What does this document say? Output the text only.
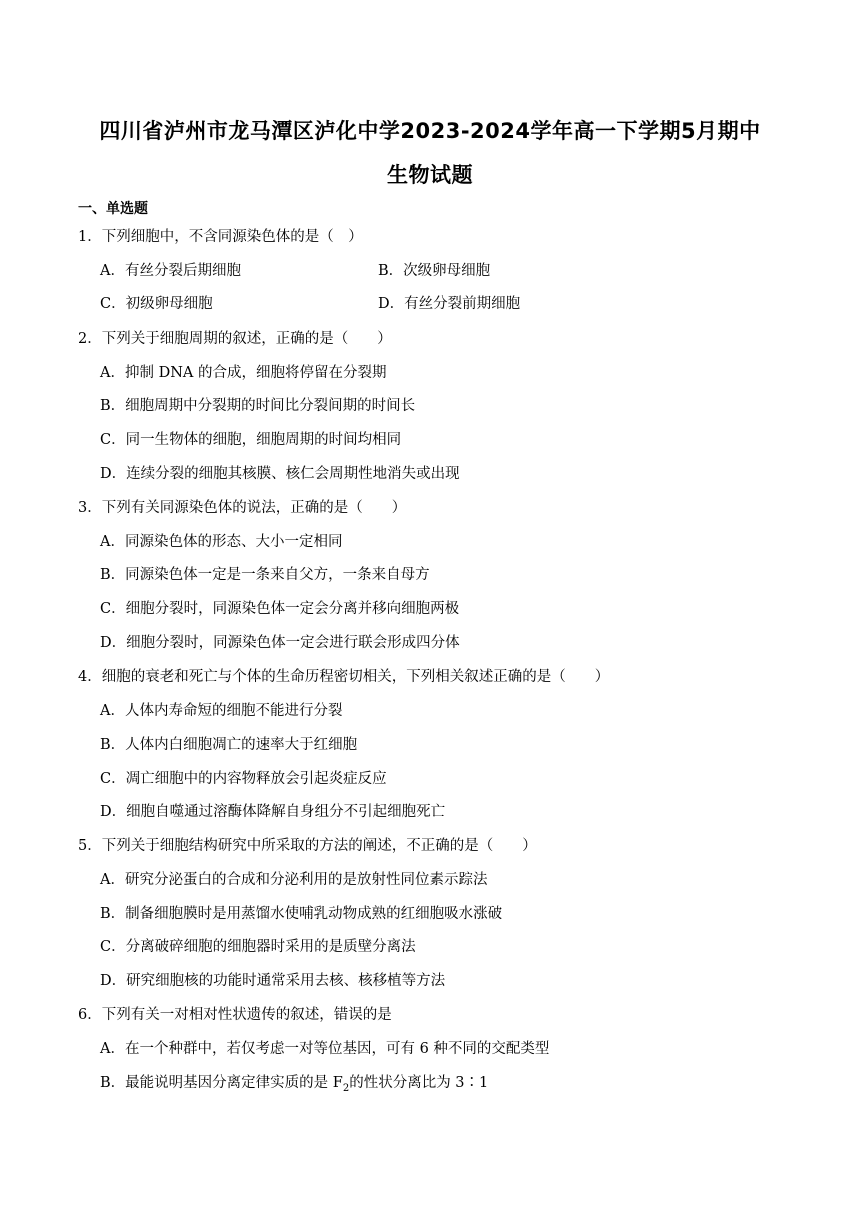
四川省泸州市龙马潭区泸化中学2023-2024学年高一下学期5月期中
生物试题
一、单选题
1．下列细胞中，不含同源染色体的是（　）
A．有丝分裂后期细胞	B．次级卵母细胞
C．初级卵母细胞	D．有丝分裂前期细胞
2．下列关于细胞周期的叙述，正确的是（　　）
A．抑制 DNA 的合成，细胞将停留在分裂期
B．细胞周期中分裂期的时间比分裂间期的时间长
C．同一生物体的细胞，细胞周期的时间均相同
D．连续分裂的细胞其核膜、核仁会周期性地消失或出现
3．下列有关同源染色体的说法，正确的是（　　）
A．同源染色体的形态、大小一定相同
B．同源染色体一定是一条来自父方，一条来自母方
C．细胞分裂时，同源染色体一定会分离并移向细胞两极
D．细胞分裂时，同源染色体一定会进行联会形成四分体
4．细胞的衰老和死亡与个体的生命历程密切相关，下列相关叙述正确的是（　　）
A．人体内寿命短的细胞不能进行分裂
B．人体内白细胞凋亡的速率大于红细胞
C．凋亡细胞中的内容物释放会引起炎症反应
D．细胞自噬通过溶酶体降解自身组分不引起细胞死亡
5．下列关于细胞结构研究中所采取的方法的阐述，不正确的是（　　）
A．研究分泌蛋白的合成和分泌利用的是放射性同位素示踪法
B．制备细胞膜时是用蒸馏水使哺乳动物成熟的红细胞吸水涨破
C．分离破碎细胞的细胞器时采用的是质壁分离法
D．研究细胞核的功能时通常采用去核、核移植等方法
6．下列有关一对相对性状遗传的叙述，错误的是
A．在一个种群中，若仅考虑一对等位基因，可有 6 种不同的交配类型
B．最能说明基因分离定律实质的是 $F_2$的性状分离比为 3∶1
